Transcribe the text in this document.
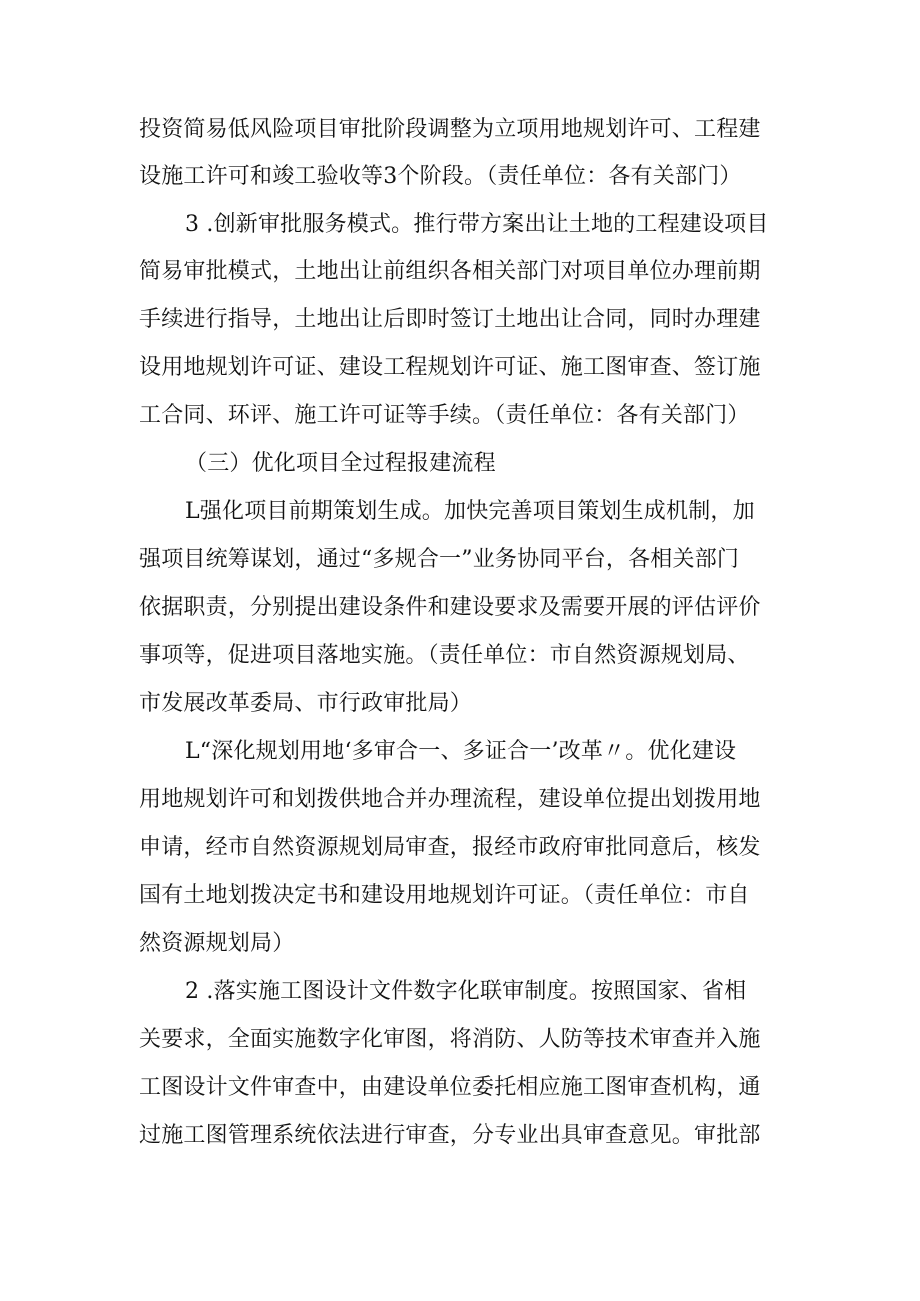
投资简易低风险项目审批阶段调整为立项用地规划许可、工程建
设施工许可和竣工验收等3个阶段。（责任单位：各有关部门）
3 .创新审批服务模式。推行带方案出让土地的工程建设项目
简易审批模式，土地出让前组织各相关部门对项目单位办理前期
手续进行指导，土地出让后即时签订土地出让合同，同时办理建
设用地规划许可证、建设工程规划许可证、施工图审查、签订施
工合同、环评、施工许可证等手续。（责任单位：各有关部门）
（三）优化项目全过程报建流程
L强化项目前期策划生成。加快完善项目策划生成机制，加
强项目统筹谋划，通过“多规合一”业务协同平台，各相关部门
依据职责，分别提出建设条件和建设要求及需要开展的评估评价
事项等，促进项目落地实施。（责任单位：市自然资源规划局、
市发展改革委局、市行政审批局）
L“深化规划用地‘多审合一、多证合一’改革〃。优化建设
用地规划许可和划拨供地合并办理流程，建设单位提出划拨用地
申请，经市自然资源规划局审查，报经市政府审批同意后，核发
国有土地划拨决定书和建设用地规划许可证。（责任单位：市自
然资源规划局）
2 .落实施工图设计文件数字化联审制度。按照国家、省相
关要求，全面实施数字化审图，将消防、人防等技术审查并入施
工图设计文件审查中，由建设单位委托相应施工图审查机构，通
过施工图管理系统依法进行审查，分专业出具审查意见。审批部
